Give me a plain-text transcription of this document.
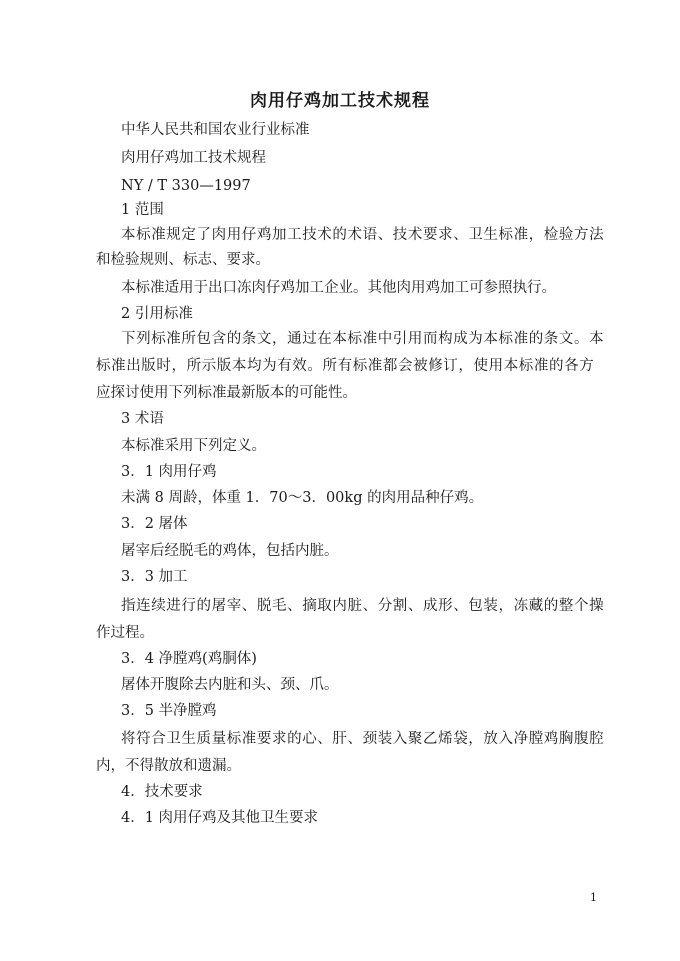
肉用仔鸡加工技术规程
中华人民共和国农业行业标准
肉用仔鸡加工技术规程
NY / T 330—1997
1 范围
本标准规定了肉用仔鸡加工技术的术语、技术要求、卫生标准，检验方法
和检验规则、标志、要求。
本标准适用于出口冻肉仔鸡加工企业。其他肉用鸡加工可参照执行。
2 引用标准
下列标准所包含的条文，通过在本标准中引用而构成为本标准的条文。本
标准出版时，所示版本均为有效。所有标准都会被修订，使用本标准的各方
应探讨使用下列标准最新版本的可能性。
3 术语
本标准采用下列定义。
3．1 肉用仔鸡
未满 8 周龄，体重 1．70～3．00kg 的肉用品种仔鸡。
3．2 屠体
屠宰后经脱毛的鸡体，包括内脏。
3．3 加工
指连续进行的屠宰、脱毛、摘取内脏、分割、成形、包装，冻藏的整个操
作过程。
3．4 净膛鸡(鸡胴体)
屠体开腹除去内脏和头、颈、爪。
3．5 半净膛鸡
将符合卫生质量标准要求的心、肝、颈装入聚乙烯袋，放入净膛鸡胸腹腔
内，不得散放和遗漏。
4．技术要求
4．1 肉用仔鸡及其他卫生要求
1
